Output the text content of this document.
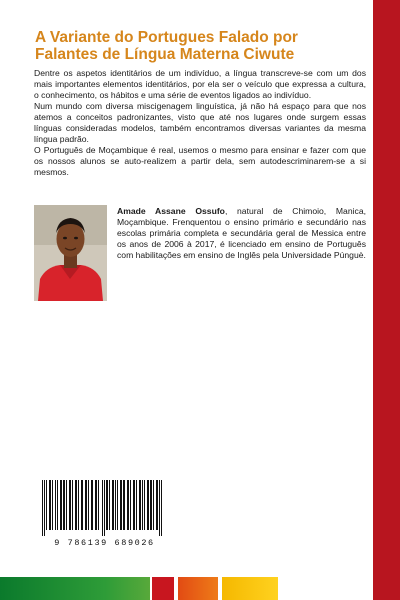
A Variante do Portugues Falado por Falantes de Língua Materna Ciwute

Dentre os aspetos identitários de um indivíduo, a língua transcreve-se com um dos mais importantes elementos identitários, por ela ser o veículo que expressa a cultura, o conhecimento, os hábitos e uma série de eventos ligados ao indivíduo.

Num mundo com diversa miscigenagem linguística, já não há espaço para que nos atemos a conceitos padronizantes, visto que até nos lugares onde surgem essas línguas consideradas modelos, também encontramos diversas variantes da mesma língua padrão.

O Português de Moçambique é real, usemos o mesmo para ensinar e fazer com que os nossos alunos se auto-realizem a partir dela, sem autodescriminarem-se a si mesmos.

Amade Assane Ossufo, natural de Chimoio, Manica, Moçambique. Frenquentou o ensino primário e secundário nas escolas primária completa e secundária geral de Messica entre os anos de 2006 à 2017, é licenciado em ensino de Português com habilitações em ensino de Inglês pela Universidade Púnguè.
9 786139 689026
